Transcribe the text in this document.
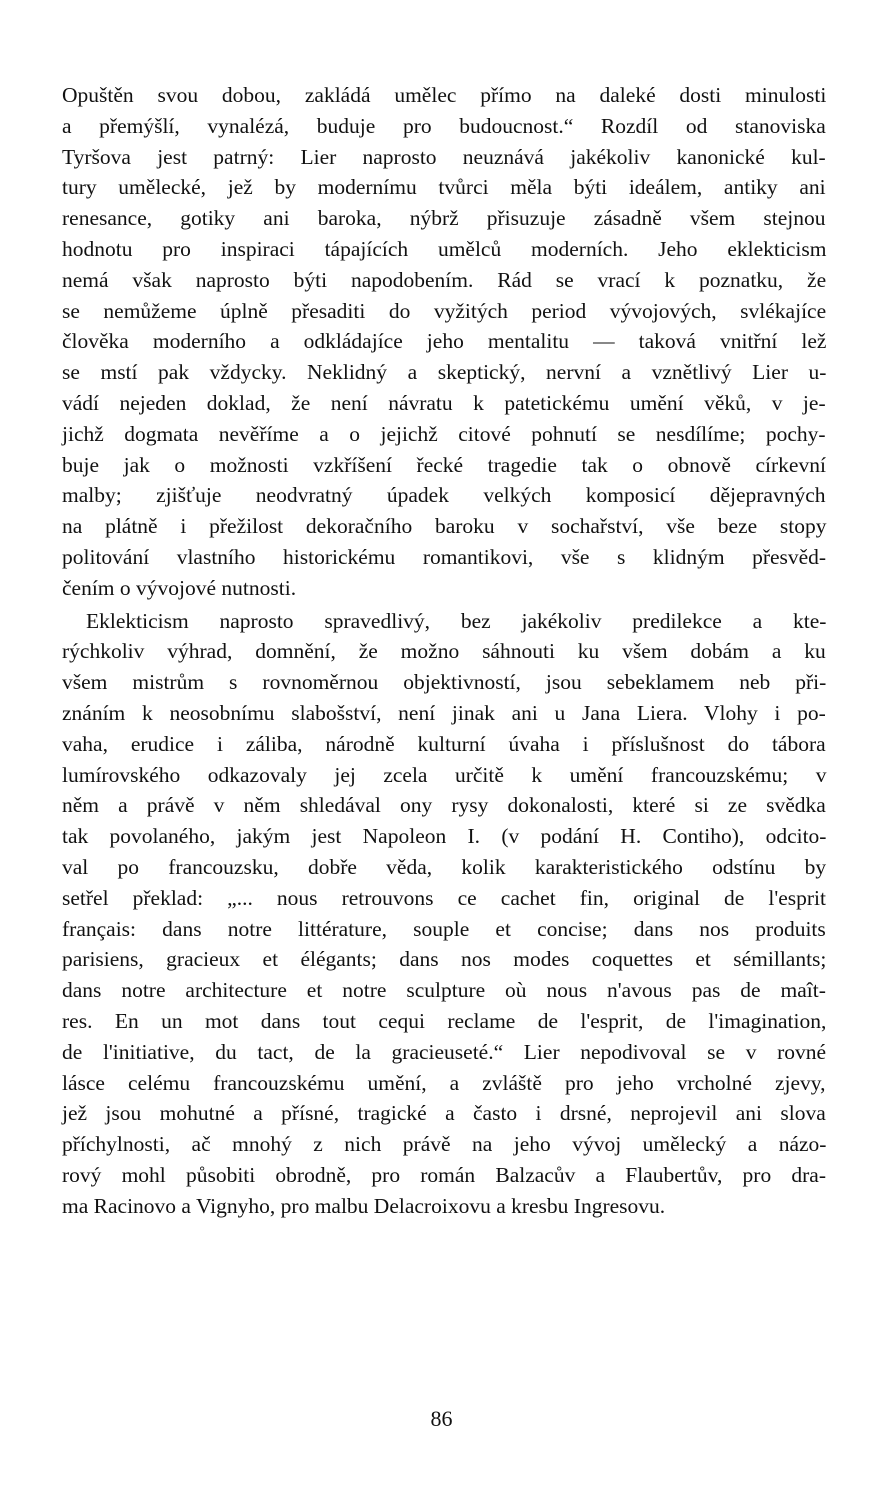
Opuštěn svou dobou, zakládá umělec přímo na daleké dosti minulosti
a přemýšlí, vynalézá, buduje pro budoucnost.“ Rozdíl od stanoviska
Tyršova jest patrný: Lier naprosto neuznává jakékoliv kanonické kul-
tury umělecké, jež by modernímu tvůrci měla býti ideálem, antiky ani
renesance, gotiky ani baroka, nýbrž přisuzuje zásadně všem stejnou
hodnotu pro inspiraci tápajících umělců moderních. Jeho eklekticism
nemá však naprosto býti napodobením. Rád se vrací k poznatku, že
se nemůžeme úplně přesaditi do vyžitých period vývojových, svlékajíce
člověka moderního a odkládajíce jeho mentalitu — taková vnitřní lež
se mstí pak vždycky. Neklidný a skeptický, nervní a vznětlivý Lier u-
vádí nejeden doklad, že není návratu k patetickému umění věků, v je-
jichž dogmata nevěříme a o jejichž citové pohnutí se nesdílíme; pochy-
buje jak o možnosti vzkříšení řecké tragedie tak o obnově církevní
malby; zjišťuje neodvratný úpadek velkých komposicí dějepravných
na plátně i přežilost dekoračního baroku v sochařství, vše beze stopy
politování vlastního historickému romantikovi, vše s klidným přesvěd-
čením o vývojové nutnosti.

Eklekticism naprosto spravedlivý, bez jakékoliv predilekce a kte-
rýchkoliv výhrad, domnění, že možno sáhnouti ku všem dobám a ku
všem mistrům s rovnoměrnou objektivností, jsou sebeklamem neb při-
znáním k neosobnímu slabošství, není jinak ani u Jana Liera. Vlohy i po-
vaha, erudice i záliba, národně kulturní úvaha i příslušnost do tábora
lumírovského odkazovaly jej zcela určitě k umění francouzskému; v
něm a právě v něm shledával ony rysy dokonalosti, které si ze svědka
tak povolaného, jakým jest Napoleon I. (v podání H. Contiho), odcito-
val po francouzsku, dobře věda, kolik karakteristického odstínu by
setřel překlad: „... nous retrouvons ce cachet fin, original de l'esprit
français: dans notre littérature, souple et concise; dans nos produits
parisiens, gracieux et élégants; dans nos modes coquettes et sémillants;
dans notre architecture et notre sculpture où nous n'avous pas de maît-
res. En un mot dans tout cequi reclame de l'esprit, de l'imagination,
de l'initiative, du tact, de la gracieuseté.“ Lier nepodivoval se v rovné
lásce celému francouzskému umění, a zvláště pro jeho vrcholné zjevy,
jež jsou mohutné a přísné, tragické a často i drsné, neprojevil ani slova
příchylnosti, ač mnohý z nich právě na jeho vývoj umělecký a názo-
rový mohl působiti obrodně, pro román Balzacův a Flaubertův, pro dra-
ma Racinovo a Vignyho, pro malbu Delacroixovu a kresbu Ingresovu.

86
